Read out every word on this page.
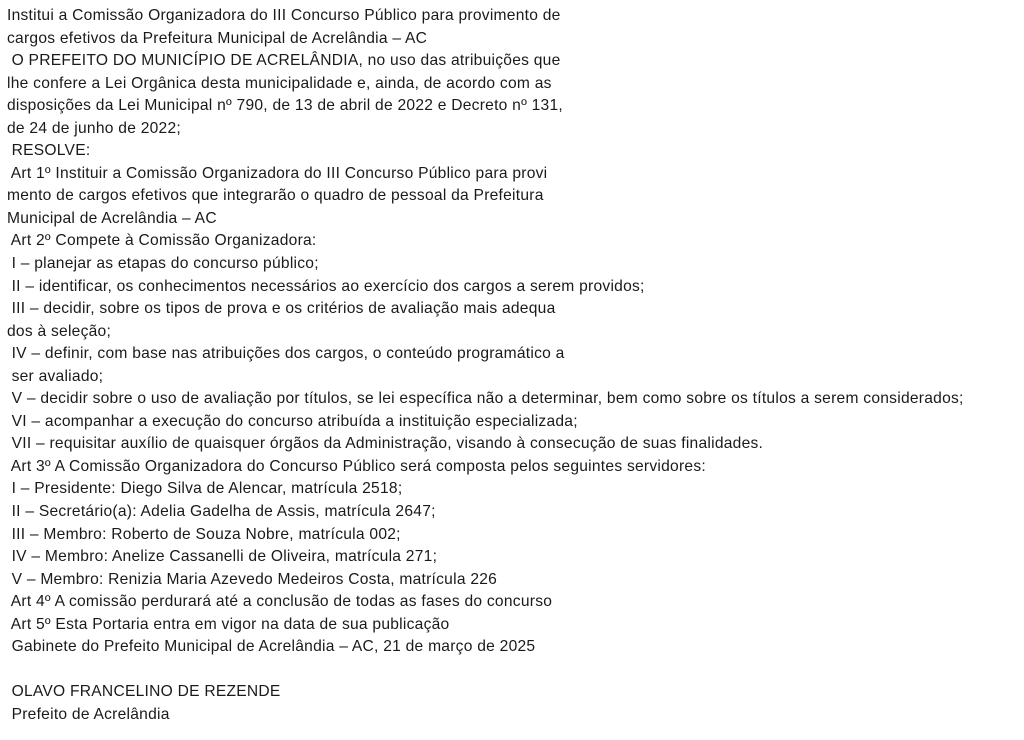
Institui a Comissão Organizadora do III Concurso Público para provimento de
cargos efetivos da Prefeitura Municipal de Acrelândia – AC
O PREFEITO DO MUNICÍPIO DE ACRELÂNDIA, no uso das atribuições que
lhe confere a Lei Orgânica desta municipalidade e, ainda, de acordo com as
disposições da Lei Municipal nº 790, de 13 de abril de 2022 e Decreto nº 131,
de 24 de junho de 2022;
RESOLVE:
Art 1º Instituir a Comissão Organizadora do III Concurso Público para provi
mento de cargos efetivos que integrarão o quadro de pessoal da Prefeitura
Municipal de Acrelândia – AC
Art 2º Compete à Comissão Organizadora:
I – planejar as etapas do concurso público;
II – identificar, os conhecimentos necessários ao exercício dos cargos a serem providos;
III – decidir, sobre os tipos de prova e os critérios de avaliação mais adequa
dos à seleção;
IV – definir, com base nas atribuições dos cargos, o conteúdo programático a
ser avaliado;
V – decidir sobre o uso de avaliação por títulos, se lei específica não a determinar, bem como sobre os títulos a serem considerados;
VI – acompanhar a execução do concurso atribuída a instituição especializada;
VII – requisitar auxílio de quaisquer órgãos da Administração, visando à consecução de suas finalidades.
Art 3º A Comissão Organizadora do Concurso Público será composta pelos seguintes servidores:
I – Presidente: Diego Silva de Alencar, matrícula 2518;
II – Secretário(a): Adelia Gadelha de Assis, matrícula 2647;
III – Membro: Roberto de Souza Nobre, matrícula 002;
IV – Membro: Anelize Cassanelli de Oliveira, matrícula 271;
V – Membro: Renizia Maria Azevedo Medeiros Costa, matrícula 226
Art 4º A comissão perdurará até a conclusão de todas as fases do concurso
Art 5º Esta Portaria entra em vigor na data de sua publicação
Gabinete do Prefeito Municipal de Acrelândia – AC, 21 de março de 2025
OLAVO FRANCELINO DE REZENDE
Prefeito de Acrelândia
